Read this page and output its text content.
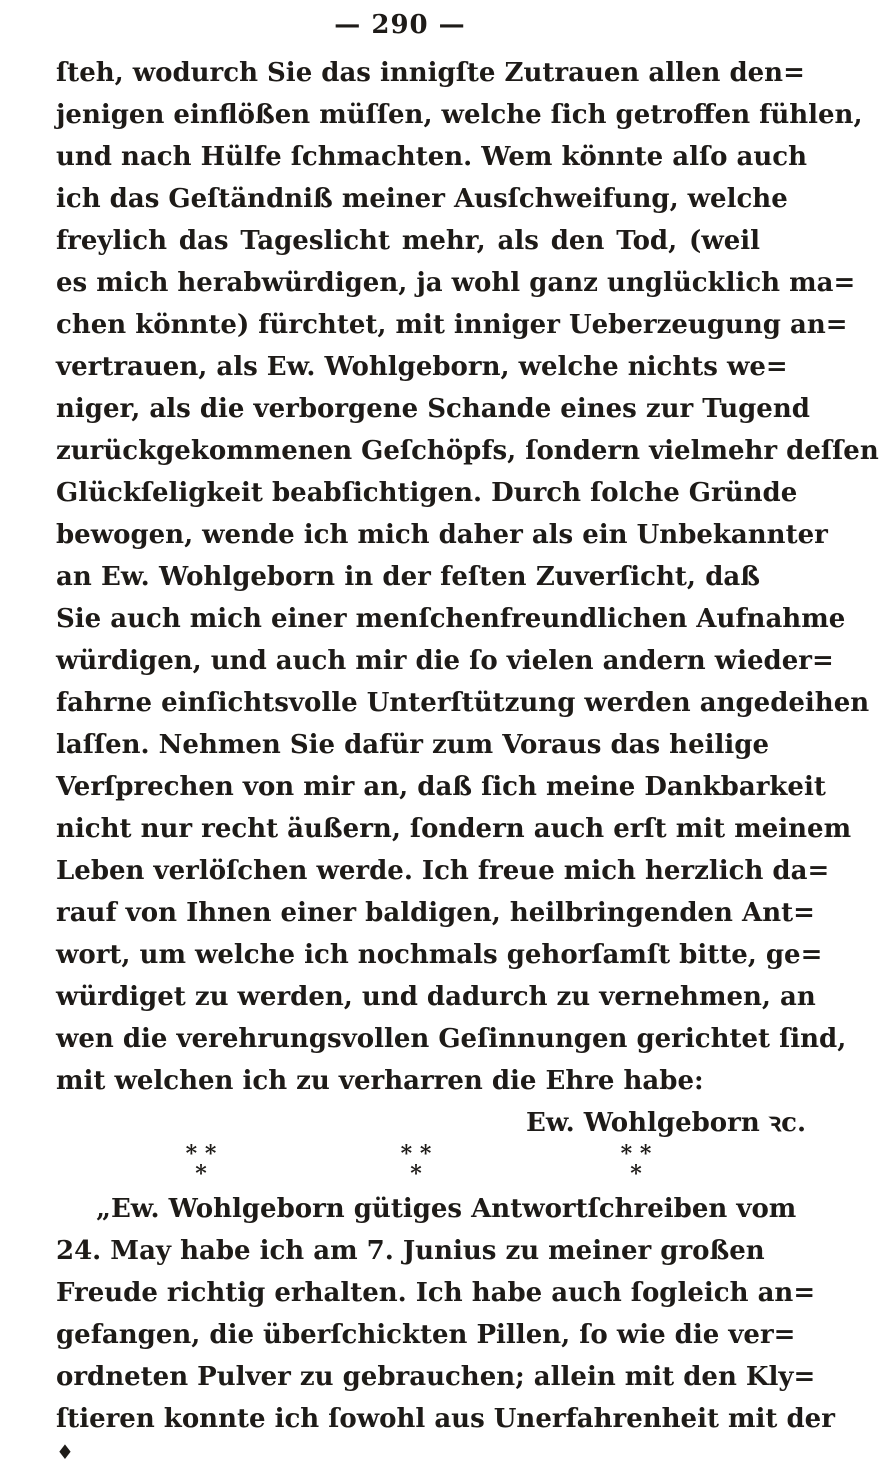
— 290 —
ſteh, wodurch Sie das innigſte Zutrauen allen den=
jenigen einflößen müſſen, welche ſich getroffen fühlen,
und nach Hülfe ſchmachten. Wem könnte alſo auch
ich das Geſtändniß meiner Ausſchweifung, welche
freylich das Tageslicht mehr, als den Tod, (weil
es mich herabwürdigen, ja wohl ganz unglücklich ma=
chen könnte) fürchtet, mit inniger Ueberzeugung an=
vertrauen, als Ew. Wohlgeborn, welche nichts we=
niger, als die verborgene Schande eines zur Tugend
zurückgekommenen Geſchöpfs, ſondern vielmehr deſſen
Glückſeligkeit beabſichtigen. Durch ſolche Gründe
bewogen, wende ich mich daher als ein Unbekannter
an Ew. Wohlgeborn in der feſten Zuverſicht, daß
Sie auch mich einer menſchenfreundlichen Aufnahme
würdigen, und auch mir die ſo vielen andern wieder=
fahrne einſichtsvolle Unterſtützung werden angedeihen
laſſen. Nehmen Sie dafür zum Voraus das heilige
Verſprechen von mir an, daß ſich meine Dankbarkeit
nicht nur recht äußern, ſondern auch erſt mit meinem
Leben verlöſchen werde. Ich freue mich herzlich da=
rauf von Ihnen einer baldigen, heilbringenden Ant=
wort, um welche ich nochmals gehorſamſt bitte, ge=
würdiget zu werden, und dadurch zu vernehmen, an
wen die verehrungsvollen Geſinnungen gerichtet ſind,
mit welchen ich zu verharren die Ehre habe:
Ew. Wohlgeborn ꝛc.
* *
*
* *
*
* *
*
„Ew. Wohlgeborn gütiges Antwortſchreiben vom
24. May habe ich am 7. Junius zu meiner großen
Freude richtig erhalten. Ich habe auch ſogleich an=
gefangen, die überſchickten Pillen, ſo wie die ver=
ordneten Pulver zu gebrauchen; allein mit den Kly=
ſtieren konnte ich ſowohl aus Unerfahrenheit mit der
♦
